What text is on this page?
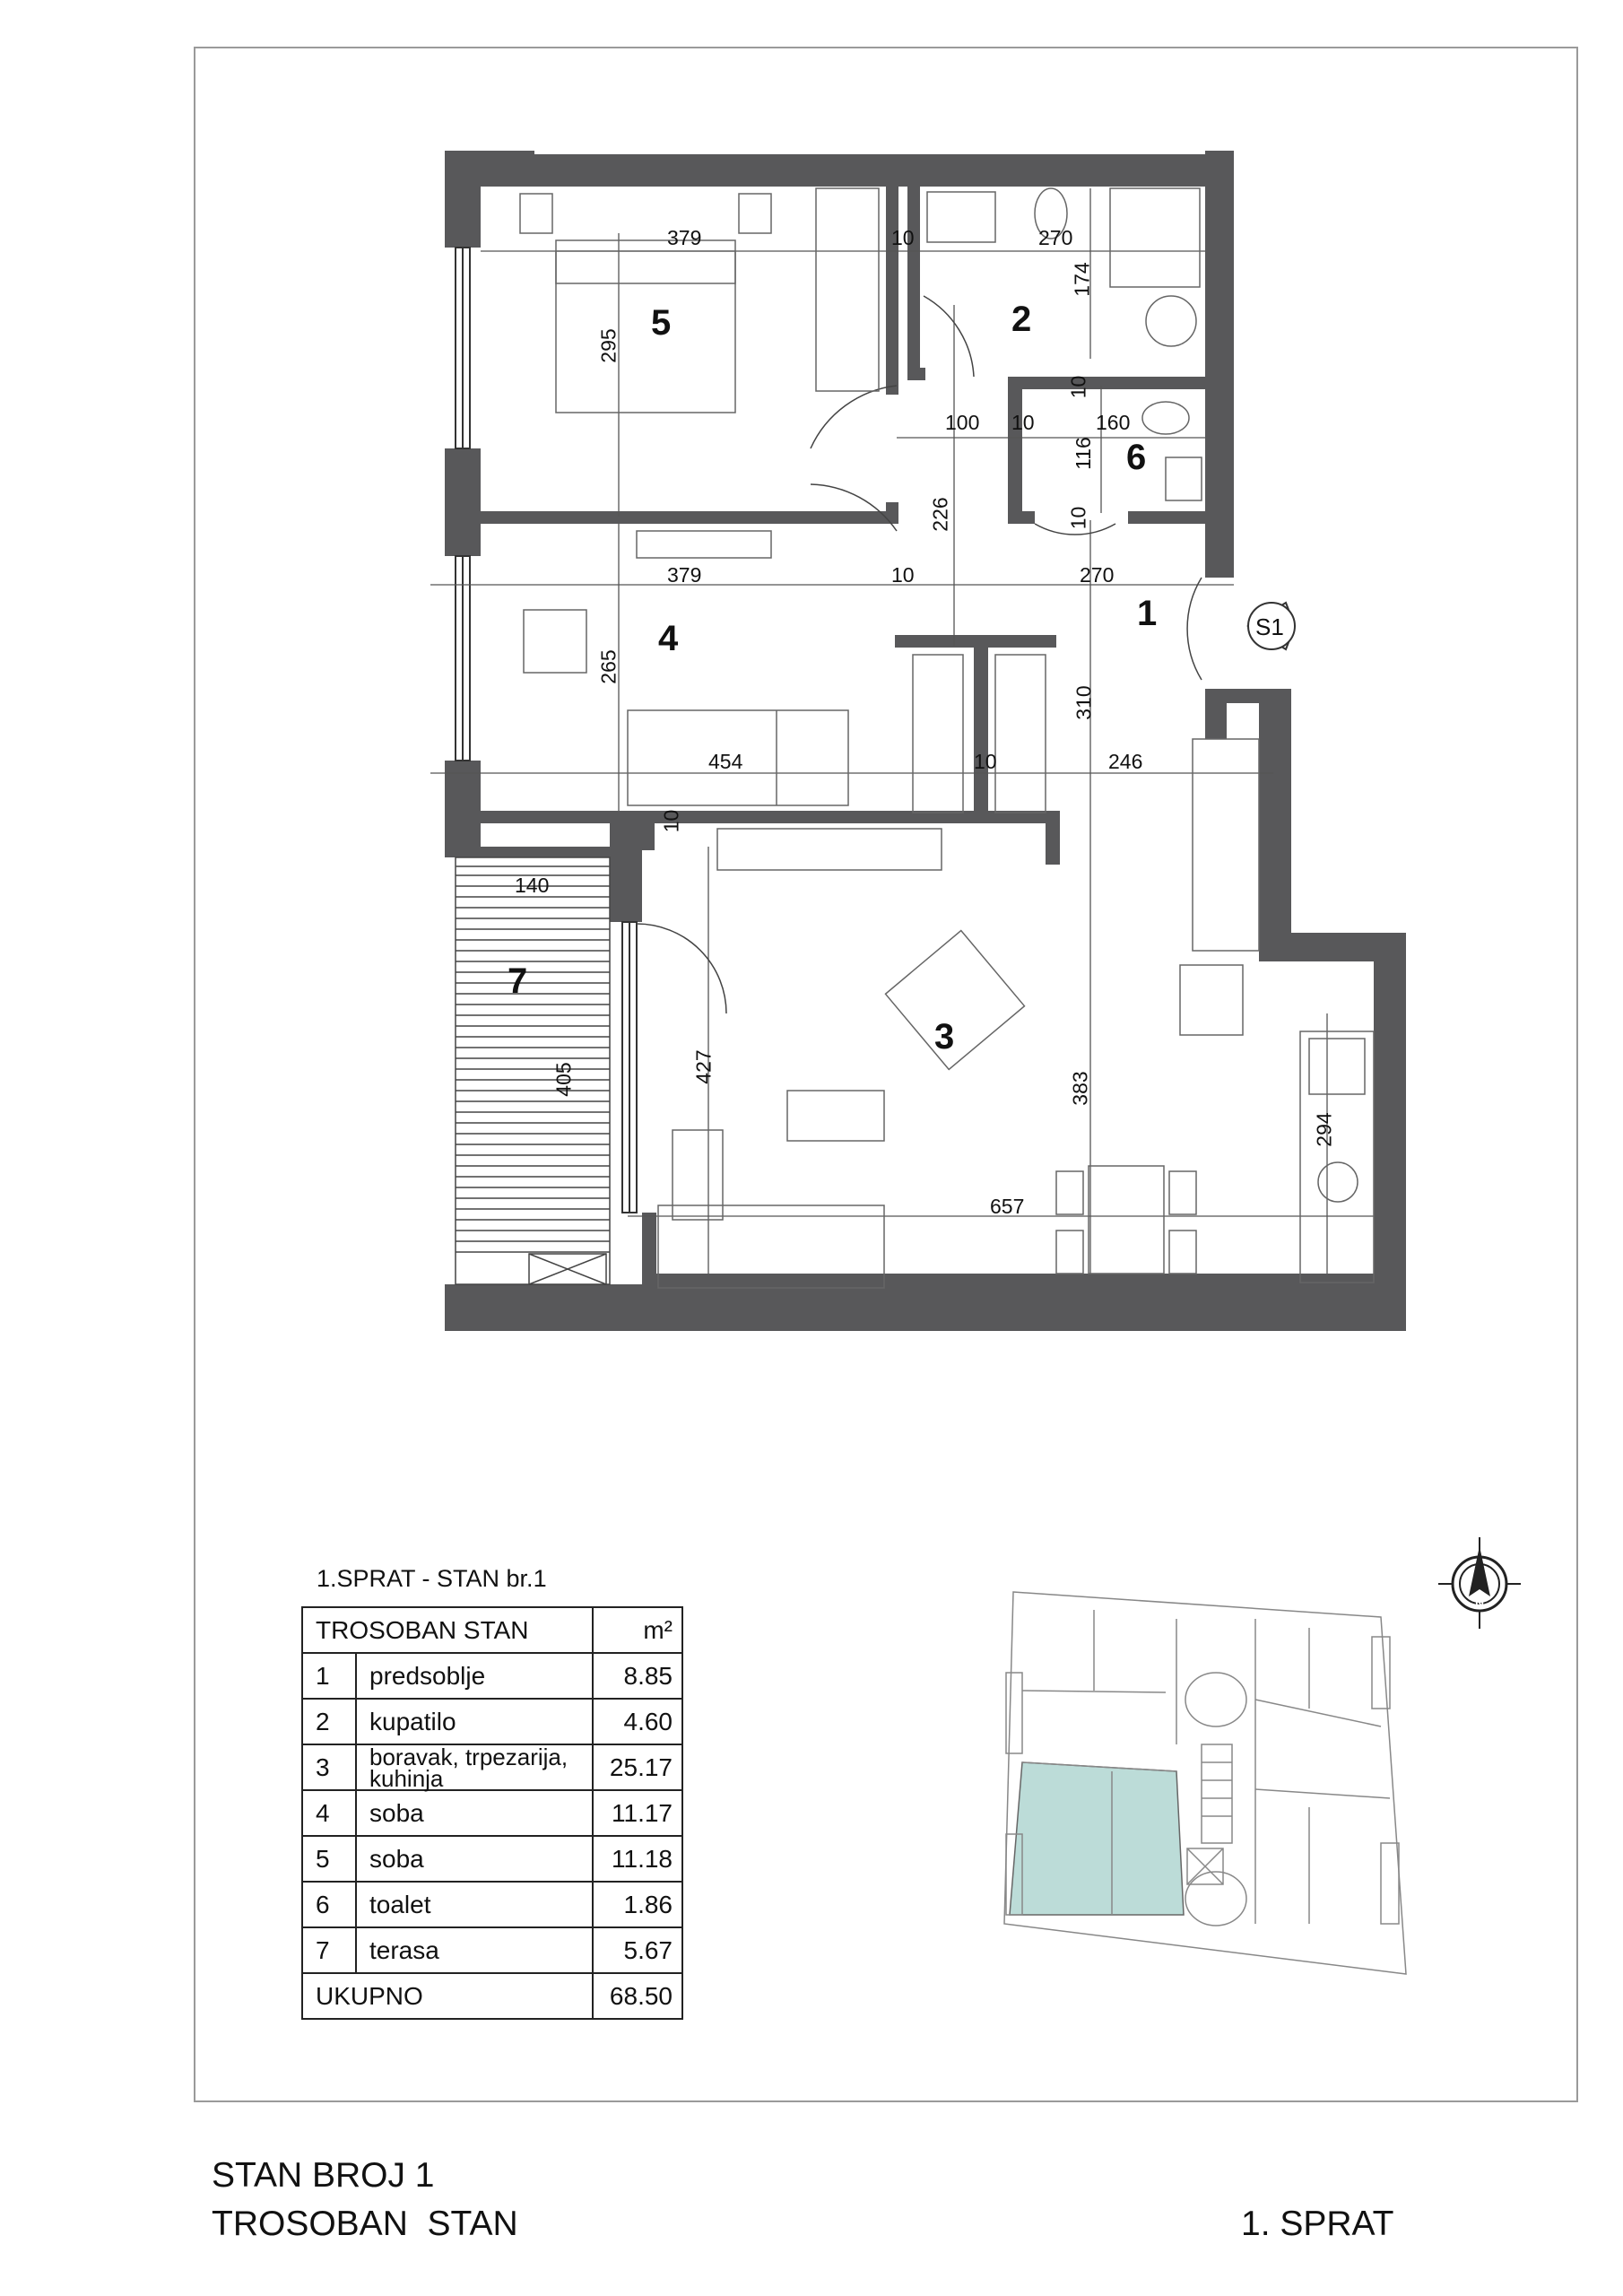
1
2
3
4
5
6
7
S1
379	10	270
174
295
100 10	160
116
226
10
10
379	10	270
265
310
454	10	246
10
140
405	427
383
294
657
1.SPRAT - STAN br.1
TROSOBAN STAN		m²
1	predsoblje	8.85
2	kupatilo	4.60
3	boravak, trpezarija, kuhinja	25.17
4	soba	11.17
5	soba	11.18
6	toalet	1.86
7	terasa	5.67
UKUPNO		68.50
N
STAN BROJ 1
TROSOBAN  STAN	1. SPRAT
